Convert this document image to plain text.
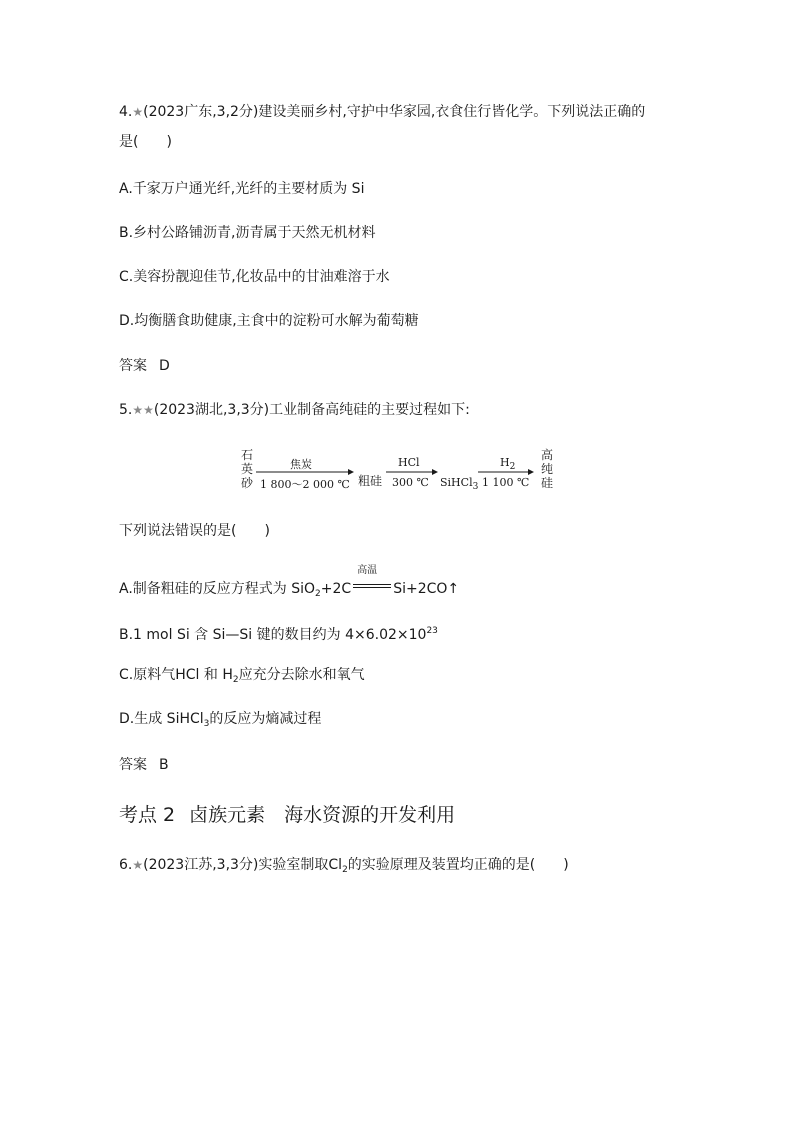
4.★(2023广东,3,2分)建设美丽乡村,守护中华家园,衣食住行皆化学。下列说法正确的
是(　　)
A.千家万户通光纤,光纤的主要材质为 Si
B.乡村公路铺沥青,沥青属于天然无机材料
C.美容扮靓迎佳节,化妆品中的甘油难溶于水
D.均衡膳食助健康,主食中的淀粉可水解为葡萄糖
答案 D
5.★★(2023湖北,3,3分)工业制备高纯硅的主要过程如下:
石
英
砂
焦炭
1 800～2 000 ℃ 粗硅
HCl
300 ℃ SiHCl$_3$
$H_2$
1 100 ℃
高
纯
硅
下列说法错误的是(　　)
A.制备粗硅的反应方程式为 SiO$_2$+2C
高温
Si+2CO↑
B.1 mol Si 含 Si—Si 键的数目约为 $4\times 6.02\times 10^{23}$
C.原料气HCl 和 $H_2$应充分去除水和氧气
D.生成 SiHCl$_3$的反应为熵减过程
答案 B
考点 2 卤族元素　海水资源的开发利用
6.★(2023江苏,3,3分)实验室制取$Cl_2$的实验原理及装置均正确的是(　　)
